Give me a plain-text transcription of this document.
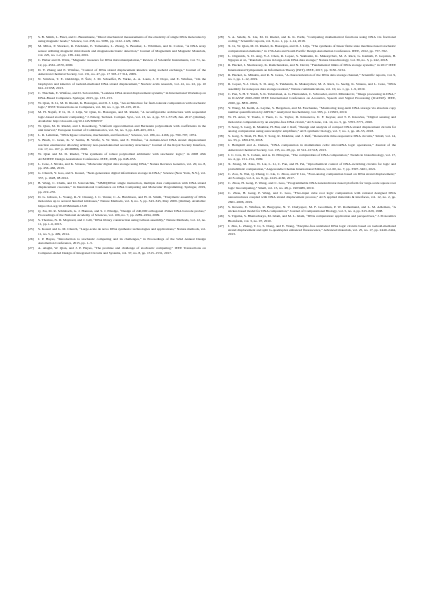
[7]	S. B. Smith, L. Finzi, and C. Bustamante, “Direct mechanical measurements of the elasticity of single DNA molecules by using magnetic beads,” Science, vol. 258, no. 5085, pp. 1122–1126, 1992.
[8]	M. Milos, P. Shorkov, R. Edelstein, E. Tamanaha, L. Zhong, S. Bousher, L. Whitman, and R. Colton, “A DNA array sensor utilizing magnetic microbeads and magnetoelectronic detection,” Journal of Magnetism and Magnetic Materials, vol. 225, no. 1-2, pp. 138–144, 2001.
[9]	C. Haber and D. Wirtz, “Magnetic tweezers for DNA micromanipulation,” Review of Scientific Instruments, vol. 71, no. 12, pp. 4561–4570, 2000.
[10]	D. Y. Zhang and E. Winfree, “Control of DNA strand displacement kinetics using toehold exchange,” Journal of the American Chemical Society, vol. 131, no. 47, pp. 17 303–17 314, 2009.
[11]	N. Srinivas, T. E. Ouldridge, P. Šulc, J. M. Schaeffer, B. Yurke, A. A. Louis, J. P. Doye, and E. Winfree, “On the biophysics and kinetics of toehold-mediated DNA strand displacement,” Nucleic acids research, vol. 41, no. 22, pp. 10 641–10 658, 2013.
[12]	C. Thachuk, E. Winfree, and D. Soloveichik, “Leakless DNA strand displacement systems,” in International Workshop on DNA-Based Computers. Springer, 2015, pp. 133–153.
[13]	W. Qian, X. Li, M. D. Riedel, K. Bazargan, and D. J. Lilja, “An architecture for fault-tolerant computation with stochastic logic,” IEEE Transactions on Computers, vol. 60, no. 1, pp. 93–105, 2011.
[14]	M. H. Najafi, P. Li, D. J. Lilja, W. Qian, K. Bazargan, and M. Riedel, “A reconfigurable architecture with sequential logic-based stochastic computing,” J. Emerg. Technol. Comput. Syst., vol. 13, no. 4, pp. 57:1–57:28, Jun. 2017. [Online]. Available: http://doi.acm.org/10.1145/3060537
[15]	W. Qian, M. D. Riedel, and I. Rosenberg, “Uniform approximation and Bernstein polynomials with coefficients in the unit interval,” European Journal of Combinatorics, vol. 32, no. 3, pp. 448–463, 2011.
[16]	L. R. Lehrman, “DNA ligase: structure, mechanism, and function,” Science, vol. 186, no. 4166, pp. 790–797, 1974.
[17]	S. Bisch, C. Grun, K. V. Sarma, B. Wolfe, S. W. Shin, and E. Winfree, “A domain-level DNA strand displacement reaction enumerator allowing arbitrary non-pseudoknotted secondary structures,” Journal of the Royal Society Interface, vol. 17, no. 167, p. 20190866, 2020.
[18]	W. Qian and M. D. Riedel, “The synthesis of robust polynomial arithmetic with stochastic logic,” in 2008 45th ACM/IEEE Design Automation Conference. IEEE, 2008, pp. 648–653.
[19]	L. Ceze, J. Nivala, and K. Strauss, “Molecular digital data storage using DNA,” Nature Reviews Genetics, vol. 20, no. 8, pp. 456–466, 2019.
[20]	G. Church, Y. Gao, and S. Kosuri, “Next-generation digital information storage in DNA,” Science (New York, N.Y.), vol. 337, p. 1628, 08 2012.
[21]	B. Wang, C. Chalk, and D. Soloveichik, “SIMD||DNA: single instruction, multiple data computation with DNA strand displacement cascades,” in International Conference on DNA Computing and Molecular Programming. Springer, 2019, pp. 219–235.
[22]	D. G. Gibson, L. Young, R.-Y. Chuang, J. C. Venter, C. A. Hutchison, and H. O. Smith, “Enzymatic assembly of DNA molecules up to several hundred kilobases,” Nature Methods, vol. 6, no. 5, pp. 343–345, May 2009. [Online]. Available: https://doi.org/10.1038/nmeth.1318
[23]	Q. Xu, M. R. Schlabach, G. J. Hannon, and S. J. Elledge, “Design of 240,000 orthogonal 25mer DNA barcode probes,” Proceedings of the National Academy of Sciences, vol. 106, no. 7, pp. 2289–2294, 2009.
[24]	S. Thomas, N. D. Maynard, and J. Gill, “DNA library construction using Gibson assembly,” Nature Methods, vol. 12, no. 11, pp. i–ii, 2015.
[25]	S. Kosuri and G. M. Church, “Large-scale de novo DNA synthesis: technologies and applications,” Nature methods, vol. 11, no. 5, p. 499, 2014.
[26]	J. P. Hayes, “Introduction to stochastic computing and its challenges,” in Proceedings of the 52nd Annual Design Automation Conference, 2015, pp. 1–3.
[27]	A. Alaghi, W. Qian, and J. P. Hayes, “The promise and challenge of stochastic computing,” IEEE Transactions on Computer-Aided Design of Integrated Circuits and Systems, vol. 37, no. 8, pp. 1515–1531, 2017.
[28]	S. A. Salehi, X. Liu, M. D. Riedel, and K. K. Parhi, “Computing mathematical functions using DNA via fractional coding,” Scientific reports, vol. 8, no. 1, pp. 1–14, 2018.
[29]	X. Li, W. Qian, M. D. Riedel, K. Bazargan, and D. J. Lilja, “The synthesis of linear finite state machine-based stochastic computational elements,” in 17th Asia and South Pacific Design Automation Conference. IEEE, 2012, pp. 757–762.
[30]	L. Organick, S. D. Ang, Y.-J. Chen, R. Lopez, S. Yekhanin, K. Makarychev, M. Z. Racz, G. Kamath, P. Gopalan, B. Nguyen et al., “Random access in large-scale DNA data storage,” Nature biotechnology, vol. 36, no. 3, p. 242, 2018.
[31]	R. Heckel, I. Shomorony, K. Ramchandran, and N. David, “Fundamental limits of DNA storage systems,” in 2017 IEEE International Symposium on Information Theory (ISIT). IEEE, 2017, pp. 3130–3134.
[32]	R. Heckel, G. Mikutis, and R. N. Grass, “A characterization of the DNA data storage channel,” Scientific reports, vol. 9, no. 1, pp. 1–12, 2019.
[33]	R. Lopez, Y.-J. Chen, S. D. Ang, S. Yekhanin, K. Makarychev, M. Z. Racz, G. Seelig, K. Strauss, and L. Ceze, “DNA assembly for nanopore data storage readout,” Nature communications, vol. 10, no. 1, pp. 1–9, 2019.
[34]	C. Pan, S. H. T. Yazdi, S. K. Tabatabaei, A. G. Hernandez, C. Schroeder, and O. Milenkovic, “Image processing in DNA,” in ICASSP 2020-2020 IEEE International Conference on Acoustics, Speech and Signal Processing (ICASSP). IEEE, 2020, pp. 8831–8835.
[35]	Y. Wang, M. Keith, A. Leyme, S. Bergelson, and M. Feschenko, “Monitoring long-term DNA storage via absolute copy number quantification by ddPCR,” Analytical biochemistry, vol. 583, p. 113363, 2019.
[36]	W. H. Arter, Y. Tsuda, J. Yuen, C. G. Taylor, D. Kirsanova, U. F. Keyser, and T. P. Knowles, “Digital sensing and molecular computation by an enzyme-free DNA circuit,” ACS nano, vol. 14, no. 5, pp. 5763–5771, 2020.
[37]	T. Song, S. Garg, R. Mokhtar, H. Bui, and J. Reif, “Design and analysis of compact DNA strand displacement circuits for analog computation using autocatalytic amplifiers,” ACS synthetic biology, vol. 7, no. 1, pp. 46–53, 2018.
[38]	S. Garg, S. Shah, H. Bui, T. Song, R. Mokhtar, and J. Reif, “Renewable time-responsive DNA circuits,” Small, vol. 14, no. 33, p. 1801470, 2018.
[39]	J. Hemphill and A. Deiters, “DNA computation in mammalian cells: microRNA logic operations,” Journal of the American Chemical Society, vol. 135, no. 28, pp. 10 512–10 518, 2013.
[40]	J. C. Cox, D. S. Cohen, and A. D. Ellington, “The complexities of DNA computation,” Trends in biotechnology, vol. 17, no. 4, pp. 151–154, 1999.
[41]	X. Xiong, M. Xiao, W. Lai, L. Li, C. Fan, and H. Pei, “Optochemical control of DNA-switching circuits for logic and probabilistic computation,” Angewandte Chemie International Edition, vol. 60, no. 7, pp. 3397–3401, 2021.
[42]	C. Zou, X. Wei, Q. Zhang, C. Liu, C. Zhou, and Y. Liu, “Four-analog computation based on DNA strand displacement,” ACS omega, vol. 2, no. 8, pp. 4143–4160, 2017.
[43]	C. Zhou, H. Geng, P. Wang, and C. Guo, “Programmable DNA nanoindicator-based platform for large-scale square root logic biocomputing,” Small, vol. 15, no. 48, p. 1903489, 2019.
[44]	C. Zhou, H. Geng, P. Wang, and C. Guo, “Five-input cube root logic computation with rational designed DNA nanostructures coupled with DNA strand displacement process,” ACS applied materials & interfaces, vol. 12, no. 2, pp. 2601–2606, 2019.
[45]	S. Roweis, E. Winfree, R. Burgoyne, N. V. Chelyapov, M. F. Goodman, P. W. Rothemund, and L. M. Adleman, “A sticker-based model for DNA computation,” Journal of Computational Biology, vol. 5, no. 4, pp. 615–629, 1998.
[46]	S. Tiguma, S. Bhattacharya, M. Islam, and M. L. Islam, “DNA computation: application and perspectives,” J. Proteomics Bioinform, vol. 3, no. 07, 2010.
[47]	J. Zhu, L. Zhang, T. Li, S. Dong, and E. Wang, “Enzyme-free unlabeled DNA logic circuits based on toehold-mediated strand displacement and split G-quadruplex enhanced fluorescence,” Advanced materials, vol. 25, no. 17, pp. 2440–2444, 2013.
